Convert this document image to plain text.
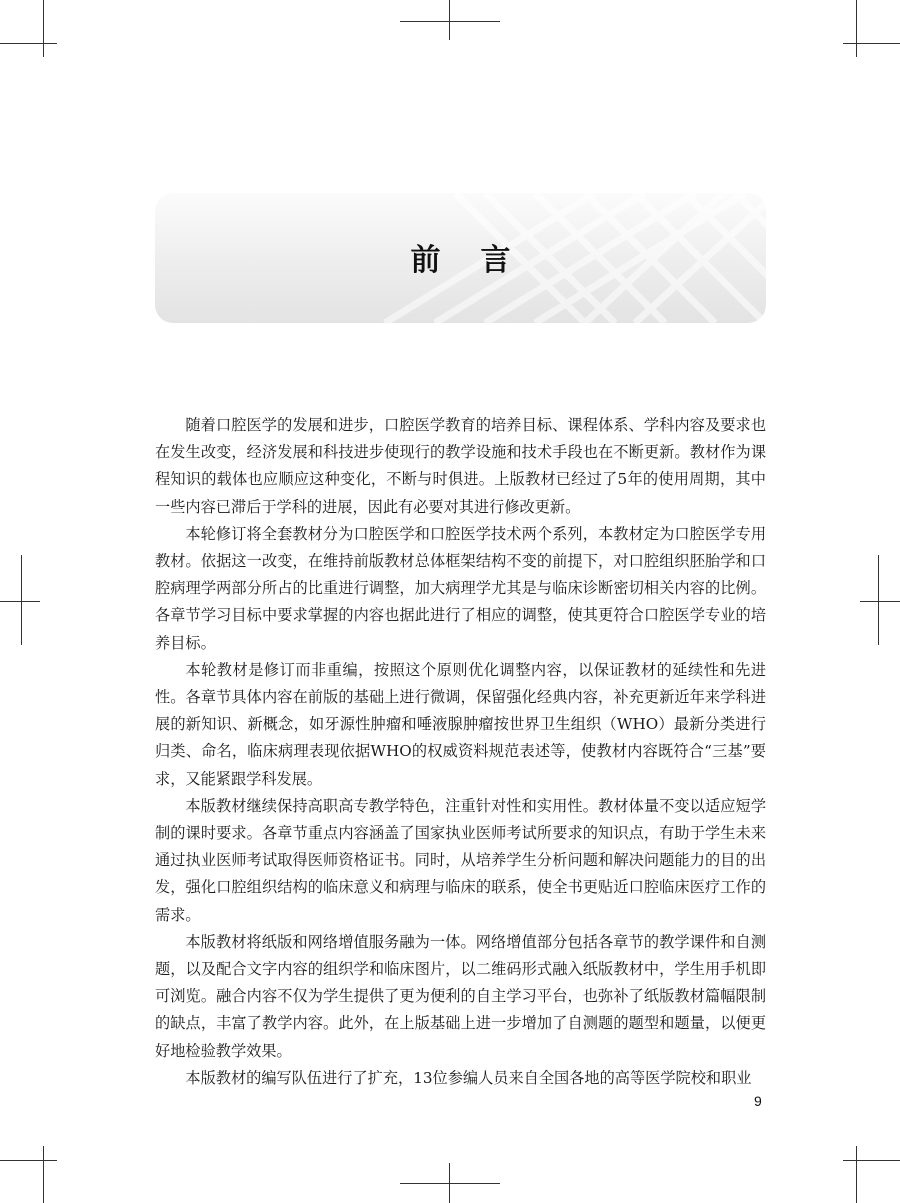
前言

随着口腔医学的发展和进步，口腔医学教育的培养目标、课程体系、学科内容及要求也在发生改变，经济发展和科技进步使现行的教学设施和技术手段也在不断更新。教材作为课程知识的载体也应顺应这种变化，不断与时俱进。上版教材已经过了5年的使用周期，其中一些内容已滞后于学科的进展，因此有必要对其进行修改更新。

本轮修订将全套教材分为口腔医学和口腔医学技术两个系列，本教材定为口腔医学专用教材。依据这一改变，在维持前版教材总体框架结构不变的前提下，对口腔组织胚胎学和口腔病理学两部分所占的比重进行调整，加大病理学尤其是与临床诊断密切相关内容的比例。各章节学习目标中要求掌握的内容也据此进行了相应的调整，使其更符合口腔医学专业的培养目标。

本轮教材是修订而非重编，按照这个原则优化调整内容，以保证教材的延续性和先进性。各章节具体内容在前版的基础上进行微调，保留强化经典内容，补充更新近年来学科进展的新知识、新概念，如牙源性肿瘤和唾液腺肿瘤按世界卫生组织（WHO）最新分类进行归类、命名，临床病理表现依据WHO的权威资料规范表述等，使教材内容既符合“三基”要求，又能紧跟学科发展。

本版教材继续保持高职高专教学特色，注重针对性和实用性。教材体量不变以适应短学制的课时要求。各章节重点内容涵盖了国家执业医师考试所要求的知识点，有助于学生未来通过执业医师考试取得医师资格证书。同时，从培养学生分析问题和解决问题能力的目的出发，强化口腔组织结构的临床意义和病理与临床的联系，使全书更贴近口腔临床医疗工作的需求。

本版教材将纸版和网络增值服务融为一体。网络增值部分包括各章节的教学课件和自测题，以及配合文字内容的组织学和临床图片，以二维码形式融入纸版教材中，学生用手机即可浏览。融合内容不仅为学生提供了更为便利的自主学习平台，也弥补了纸版教材篇幅限制的缺点，丰富了教学内容。此外，在上版基础上进一步增加了自测题的题型和题量，以便更好地检验教学效果。

本版教材的编写队伍进行了扩充，13位参编人员来自全国各地的高等医学院校和职业

9
